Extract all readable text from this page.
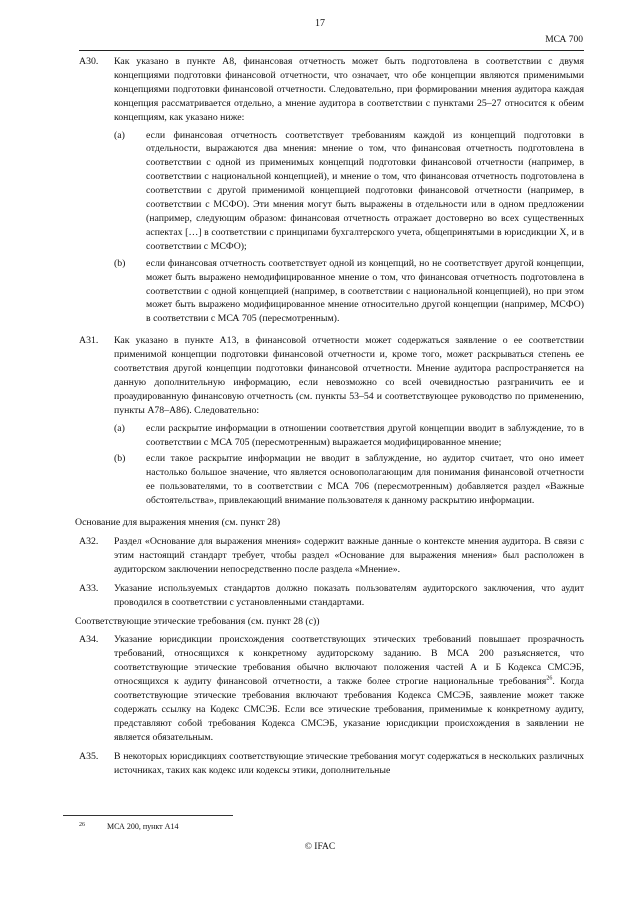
17
МСА 700
A30.	Как указано в пункте A8, финансовая отчетность может быть подготовлена в соответствии с двумя концепциями подготовки финансовой отчетности, что означает, что обе концепции являются применимыми концепциями подготовки финансовой отчетности. Следовательно, при формировании мнения аудитора каждая концепция рассматривается отдельно, а мнение аудитора в соответствии с пунктами 25–27 относится к обеим концепциям, как указано ниже:
(a)	если финансовая отчетность соответствует требованиям каждой из концепций подготовки в отдельности, выражаются два мнения: мнение о том, что финансовая отчетность подготовлена в соответствии с одной из применимых концепций подготовки финансовой отчетности (например, в соответствии с национальной концепцией), и мнение о том, что финансовая отчетность подготовлена в соответствии с другой применимой концепцией подготовки финансовой отчетности (например, в соответствии с МСФО). Эти мнения могут быть выражены в отдельности или в одном предложении (например, следующим образом: финансовая отчетность отражает достоверно во всех существенных аспектах […] в соответствии с принципами бухгалтерского учета, общепринятыми в юрисдикции X, и в соответствии с МСФО);
(b)	если финансовая отчетность соответствует одной из концепций, но не соответствует другой концепции, может быть выражено немодифицированное мнение о том, что финансовая отчетность подготовлена в соответствии с одной концепцией (например, в соответствии с национальной концепцией), но при этом может быть выражено модифицированное мнение относительно другой концепции (например, МСФО) в соответствии с МСА 705 (пересмотренным).
A31.	Как указано в пункте A13, в финансовой отчетности может содержаться заявление о ее соответствии применимой концепции подготовки финансовой отчетности и, кроме того, может раскрываться степень ее соответствия другой концепции подготовки финансовой отчетности. Мнение аудитора распространяется на данную дополнительную информацию, если невозможно со всей очевидностью разграничить ее и проаудированную финансовую отчетность (см. пункты 53–54 и соответствующее руководство по применению, пункты A78–A86). Следовательно:
(a)	если раскрытие информации в отношении соответствия другой концепции вводит в заблуждение, то в соответствии с МСА 705 (пересмотренным) выражается модифицированное мнение;
(b)	если такое раскрытие информации не вводит в заблуждение, но аудитор считает, что оно имеет настолько большое значение, что является основополагающим для понимания финансовой отчетности ее пользователями, то в соответствии с МСА 706 (пересмотренным) добавляется раздел «Важные обстоятельства», привлекающий внимание пользователя к данному раскрытию информации.
Основание для выражения мнения (см. пункт 28)
A32.	Раздел «Основание для выражения мнения» содержит важные данные о контексте мнения аудитора. В связи с этим настоящий стандарт требует, чтобы раздел «Основание для выражения мнения» был расположен в аудиторском заключении непосредственно после раздела «Мнение».
A33.	Указание используемых стандартов должно показать пользователям аудиторского заключения, что аудит проводился в соответствии с установленными стандартами.
Соответствующие этические требования (см. пункт 28 (c))
A34.	Указание юрисдикции происхождения соответствующих этических требований повышает прозрачность требований, относящихся к конкретному аудиторскому заданию. В МСА 200 разъясняется, что соответствующие этические требования обычно включают положения частей А и Б Кодекса СМСЭБ, относящихся к аудиту финансовой отчетности, а также более строгие национальные требования$^{26}$. Когда соответствующие этические требования включают требования Кодекса СМСЭБ, заявление может также содержать ссылку на Кодекс СМСЭБ. Если все этические требования, применимые к конкретному аудиту, представляют собой требования Кодекса СМСЭБ, указание юрисдикции происхождения в заявлении не является обязательным.
A35.	В некоторых юрисдикциях соответствующие этические требования могут содержаться в нескольких различных источниках, таких как кодекс или кодексы этики, дополнительные
26	МСА 200, пункт A14
© IFAC
